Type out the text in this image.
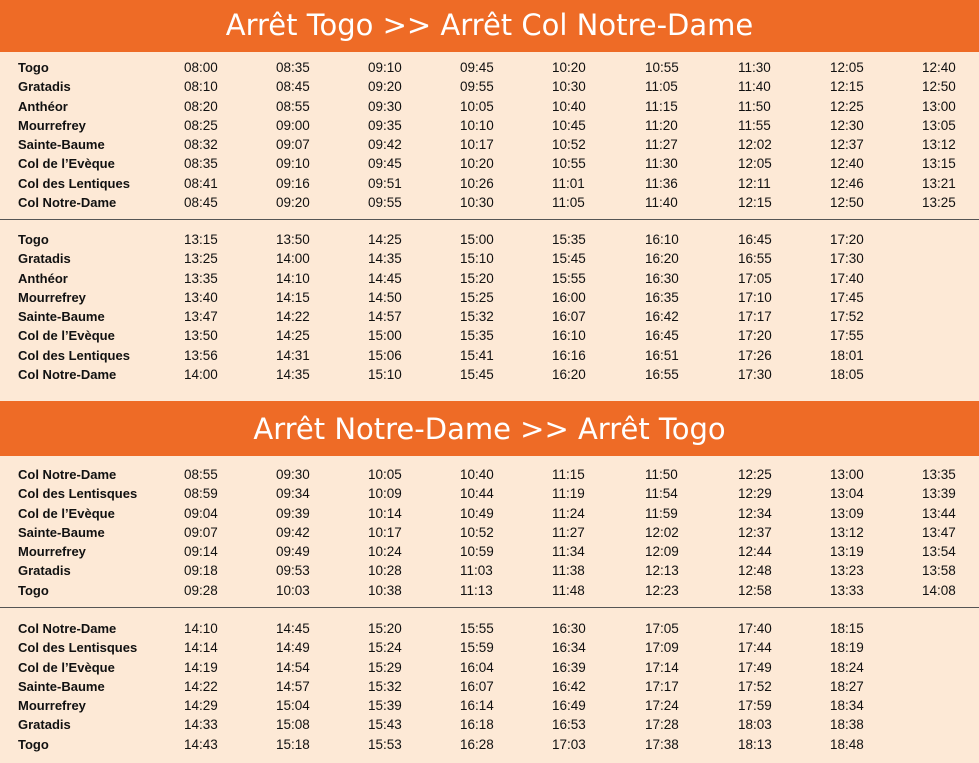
Arrêt Togo >> Arrêt Col Notre-Dame
Togo	08:00	08:35	09:10	09:45	10:20	10:55	11:30	12:05	12:40
Gratadis	08:10	08:45	09:20	09:55	10:30	11:05	11:40	12:15	12:50
Anthéor	08:20	08:55	09:30	10:05	10:40	11:15	11:50	12:25	13:00
Mourrefrey	08:25	09:00	09:35	10:10	10:45	11:20	11:55	12:30	13:05
Sainte-Baume	08:32	09:07	09:42	10:17	10:52	11:27	12:02	12:37	13:12
Col de l’Evèque	08:35	09:10	09:45	10:20	10:55	11:30	12:05	12:40	13:15
Col des Lentiques	08:41	09:16	09:51	10:26	11:01	11:36	12:11	12:46	13:21
Col Notre-Dame	08:45	09:20	09:55	10:30	11:05	11:40	12:15	12:50	13:25
Togo	13:15	13:50	14:25	15:00	15:35	16:10	16:45	17:20
Gratadis	13:25	14:00	14:35	15:10	15:45	16:20	16:55	17:30
Anthéor	13:35	14:10	14:45	15:20	15:55	16:30	17:05	17:40
Mourrefrey	13:40	14:15	14:50	15:25	16:00	16:35	17:10	17:45
Sainte-Baume	13:47	14:22	14:57	15:32	16:07	16:42	17:17	17:52
Col de l’Evèque	13:50	14:25	15:00	15:35	16:10	16:45	17:20	17:55
Col des Lentiques	13:56	14:31	15:06	15:41	16:16	16:51	17:26	18:01
Col Notre-Dame	14:00	14:35	15:10	15:45	16:20	16:55	17:30	18:05
Arrêt Notre-Dame >> Arrêt Togo
Col Notre-Dame	08:55	09:30	10:05	10:40	11:15	11:50	12:25	13:00	13:35
Col des Lentisques	08:59	09:34	10:09	10:44	11:19	11:54	12:29	13:04	13:39
Col de l’Evèque	09:04	09:39	10:14	10:49	11:24	11:59	12:34	13:09	13:44
Sainte-Baume	09:07	09:42	10:17	10:52	11:27	12:02	12:37	13:12	13:47
Mourrefrey	09:14	09:49	10:24	10:59	11:34	12:09	12:44	13:19	13:54
Gratadis	09:18	09:53	10:28	11:03	11:38	12:13	12:48	13:23	13:58
Togo	09:28	10:03	10:38	11:13	11:48	12:23	12:58	13:33	14:08
Col Notre-Dame	14:10	14:45	15:20	15:55	16:30	17:05	17:40	18:15
Col des Lentisques	14:14	14:49	15:24	15:59	16:34	17:09	17:44	18:19
Col de l’Evèque	14:19	14:54	15:29	16:04	16:39	17:14	17:49	18:24
Sainte-Baume	14:22	14:57	15:32	16:07	16:42	17:17	17:52	18:27
Mourrefrey	14:29	15:04	15:39	16:14	16:49	17:24	17:59	18:34
Gratadis	14:33	15:08	15:43	16:18	16:53	17:28	18:03	18:38
Togo	14:43	15:18	15:53	16:28	17:03	17:38	18:13	18:48
